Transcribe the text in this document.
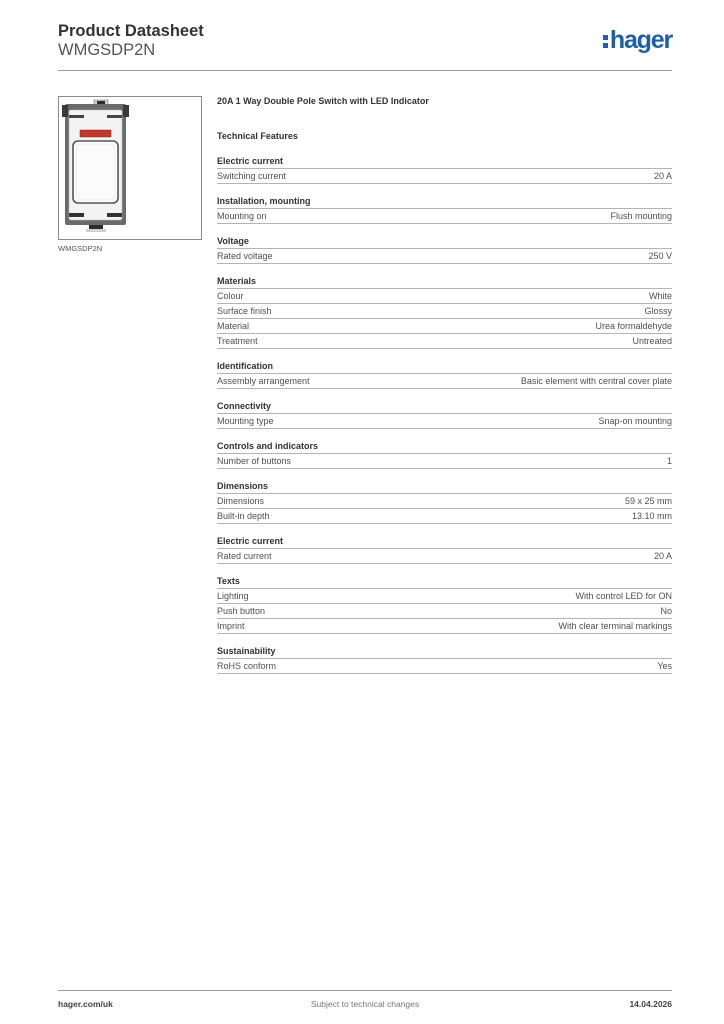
Product Datasheet
WMGSDP2N	hager
WMGSDP2N
20A 1 Way Double Pole Switch with LED Indicator
Technical Features
Electric current
Switching current	20 A
Installation, mounting
Mounting on	Flush mounting
Voltage
Rated voltage	250 V
Materials
Colour	White
Surface finish	Glossy
Material	Urea formaldehyde
Treatment	Untreated
Identification
Assembly arrangement	Basic element with central cover plate
Connectivity
Mounting type	Snap-on mounting
Controls and indicators
Number of buttons	1
Dimensions
Dimensions	59 x 25 mm
Built-in depth	13.10 mm
Electric current
Rated current	20 A
Texts
Lighting	With control LED for ON
Push button	No
Imprint	With clear terminal markings
Sustainability
RoHS conform	Yes
Subject to technical changes
hager.com/uk	14.04.2026
